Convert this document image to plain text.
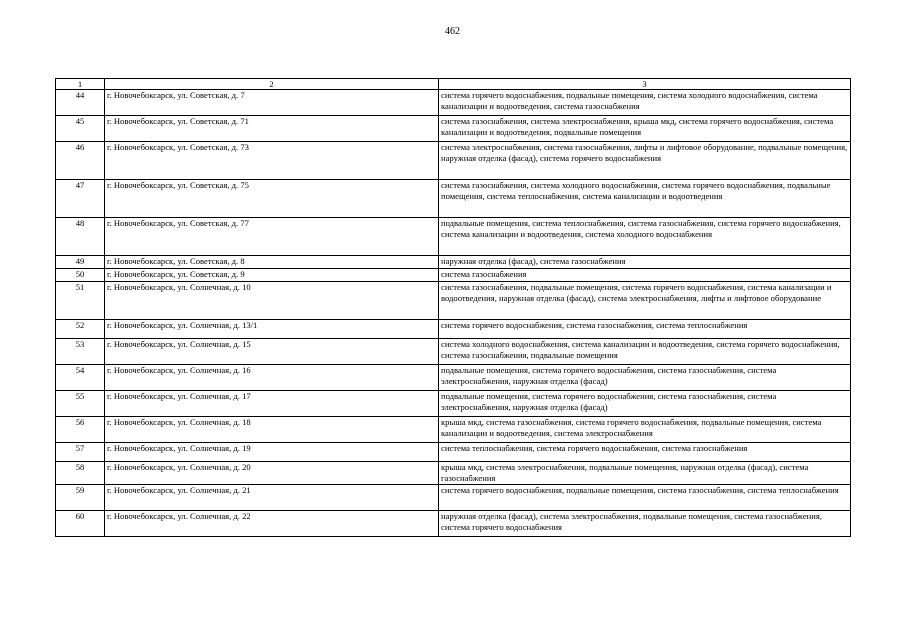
462
1	2	3
44	г. Новочебоксарск, ул. Советская, д. 7	система горячего водоснабжения, подвальные помещения, система холодного водоснабжения, система канализации и водоотведения, система газоснабжения
45	г. Новочебоксарск, ул. Советская, д. 71	система газоснабжения, система электроснабжения, крыша мкд, система горячего водоснабжения, система канализации и водоотведения, подвальные помещения
46	г. Новочебоксарск, ул. Советская, д. 73	система электроснабжения, система газоснабжения, лифты и лифтовое оборудование, подвальные помещения, наружная отделка (фасад), система горячего водоснабжения
47	г. Новочебоксарск, ул. Советская, д. 75	система газоснабжения, система холодного водоснабжения, система горячего водоснабжения, подвальные помещения, система теплоснабжения, система канализации и водоотведения
48	г. Новочебоксарск, ул. Советская, д. 77	подвальные помещения, система теплоснабжения, система газоснабжения, система горячего водоснабжения, система канализации и водоотведения, система холодного водоснабжения
49	г. Новочебоксарск, ул. Советская, д. 8	наружная отделка (фасад), система газоснабжения
50	г. Новочебоксарск, ул. Советская, д. 9	система газоснабжения
51	г. Новочебоксарск, ул. Солнечная, д. 10	система газоснабжения, подвальные помещения, система горячего водоснабжения, система канализации и водоотведения, наружная отделка (фасад), система электроснабжения, лифты и лифтовое оборудование
52	г. Новочебоксарск, ул. Солнечная, д. 13/1	система горячего водоснабжения, система газоснабжения, система теплоснабжения
53	г. Новочебоксарск, ул. Солнечная, д. 15	система холодного водоснабжения, система канализации и водоотведения, система горячего водоснабжения, система газоснабжения, подвальные помещения
54	г. Новочебоксарск, ул. Солнечная, д. 16	подвальные помещения, система горячего водоснабжения, система газоснабжения, система электроснабжения, наружная отделка (фасад)
55	г. Новочебоксарск, ул. Солнечная, д. 17	подвальные помещения, система горячего водоснабжения, система газоснабжения, система электроснабжения, наружная отделка (фасад)
56	г. Новочебоксарск, ул. Солнечная, д. 18	крыша мкд, система газоснабжения, система горячего водоснабжения, подвальные помещения, система канализации и водоотведения, система электроснабжения
57	г. Новочебоксарск, ул. Солнечная, д. 19	система теплоснабжения, система горячего водоснабжения, система газоснабжения
58	г. Новочебоксарск, ул. Солнечная, д. 20	крыша мкд, система электроснабжения, подвальные помещения, наружная отделка (фасад), система газоснабжения
59	г. Новочебоксарск, ул. Солнечная, д. 21	система горячего водоснабжения, подвальные помещения, система газоснабжения, система теплоснабжения
60	г. Новочебоксарск, ул. Солнечная, д. 22	наружная отделка (фасад), система электроснабжения, подвальные помещения, система газоснабжения, система горячего водоснабжения
